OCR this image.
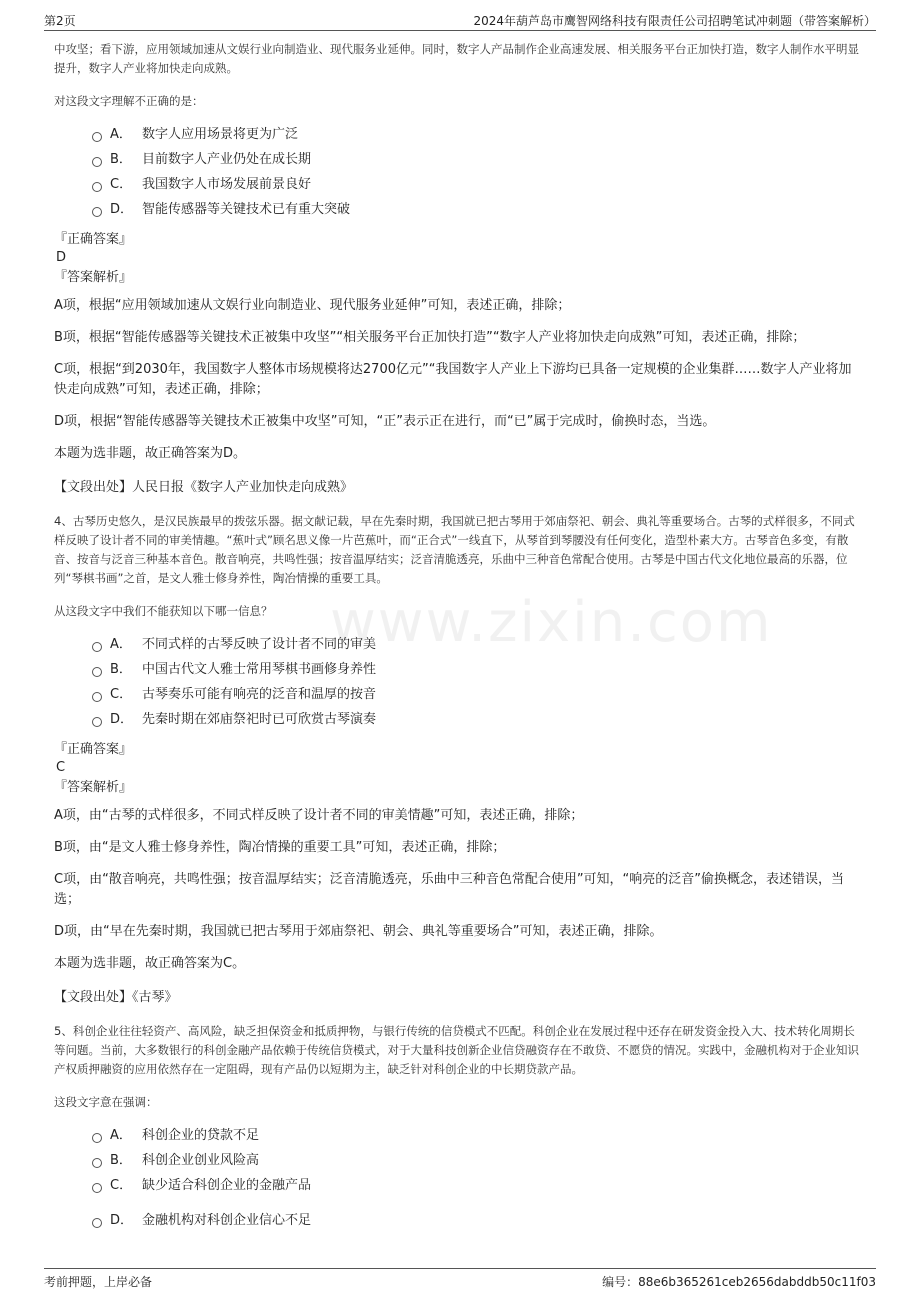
第2页	2024年葫芦岛市鹰智网络科技有限责任公司招聘笔试冲刺题（带答案解析）
www.zixin.com

中攻坚；看下游，应用领域加速从文娱行业向制造业、现代服务业延伸。同时，数字人产品制作企业高速发展、相关服务平台正加快打造，数字人制作水平明显提升，数字人产业将加快走向成熟。

对这段文字理解不正确的是：

A． 数字人应用场景将更为广泛
B． 目前数字人产业仍处在成长期
C． 我国数字人市场发展前景良好
D． 智能传感器等关键技术已有重大突破

『正确答案』

D

『答案解析』

A项，根据“应用领域加速从文娱行业向制造业、现代服务业延伸”可知，表述正确，排除；

B项，根据“智能传感器等关键技术正被集中攻坚”“相关服务平台正加快打造”“数字人产业将加快走向成熟”可知，表述正确，排除；

C项，根据“到2030年，我国数字人整体市场规模将达2700亿元”“我国数字人产业上下游均已具备一定规模的企业集群……数字人产业将加快走向成熟”可知，表述正确，排除；

D项，根据“智能传感器等关键技术正被集中攻坚”可知，“正”表示正在进行，而“已”属于完成时，偷换时态，当选。

本题为选非题，故正确答案为D。

【文段出处】人民日报《数字人产业加快走向成熟》

4、古琴历史悠久，是汉民族最早的拨弦乐器。据文献记载，早在先秦时期，我国就已把古琴用于郊庙祭祀、朝会、典礼等重要场合。古琴的式样很多，不同式样反映了设计者不同的审美情趣。“蕉叶式”顾名思义像一片芭蕉叶，而“正合式”一线直下，从琴首到琴腰没有任何变化，造型朴素大方。古琴音色多变，有散音、按音与泛音三种基本音色。散音响亮，共鸣性强；按音温厚结实；泛音清脆透亮，乐曲中三种音色常配合使用。古琴是中国古代文化地位最高的乐器，位列“琴棋书画”之首，是文人雅士修身养性，陶冶情操的重要工具。

从这段文字中我们不能获知以下哪一信息？

A． 不同式样的古琴反映了设计者不同的审美
B． 中国古代文人雅士常用琴棋书画修身养性
C． 古琴奏乐可能有响亮的泛音和温厚的按音
D． 先秦时期在郊庙祭祀时已可欣赏古琴演奏

『正确答案』

C

『答案解析』

A项，由“古琴的式样很多，不同式样反映了设计者不同的审美情趣”可知，表述正确，排除；

B项，由“是文人雅士修身养性，陶冶情操的重要工具”可知，表述正确，排除；

C项，由“散音响亮，共鸣性强；按音温厚结实；泛音清脆透亮，乐曲中三种音色常配合使用”可知，“响亮的泛音”偷换概念，表述错误，当选；

D项，由“早在先秦时期，我国就已把古琴用于郊庙祭祀、朝会、典礼等重要场合”可知，表述正确，排除。

本题为选非题，故正确答案为C。

【文段出处】《古琴》

5、科创企业往往轻资产、高风险，缺乏担保资金和抵质押物，与银行传统的信贷模式不匹配。科创企业在发展过程中还存在研发资金投入大、技术转化周期长等问题。当前，大多数银行的科创金融产品依赖于传统信贷模式，对于大量科技创新企业信贷融资存在不敢贷、不愿贷的情况。实践中，金融机构对于企业知识产权质押融资的应用依然存在一定阻碍，现有产品仍以短期为主，缺乏针对科创企业的中长期贷款产品。

这段文字意在强调：

A． 科创企业的贷款不足
B． 科创企业创业风险高
C． 缺少适合科创企业的金融产品
D． 金融机构对科创企业信心不足
考前押题，上岸必备	编号：88e6b365261ceb2656dabddb50c11f03
